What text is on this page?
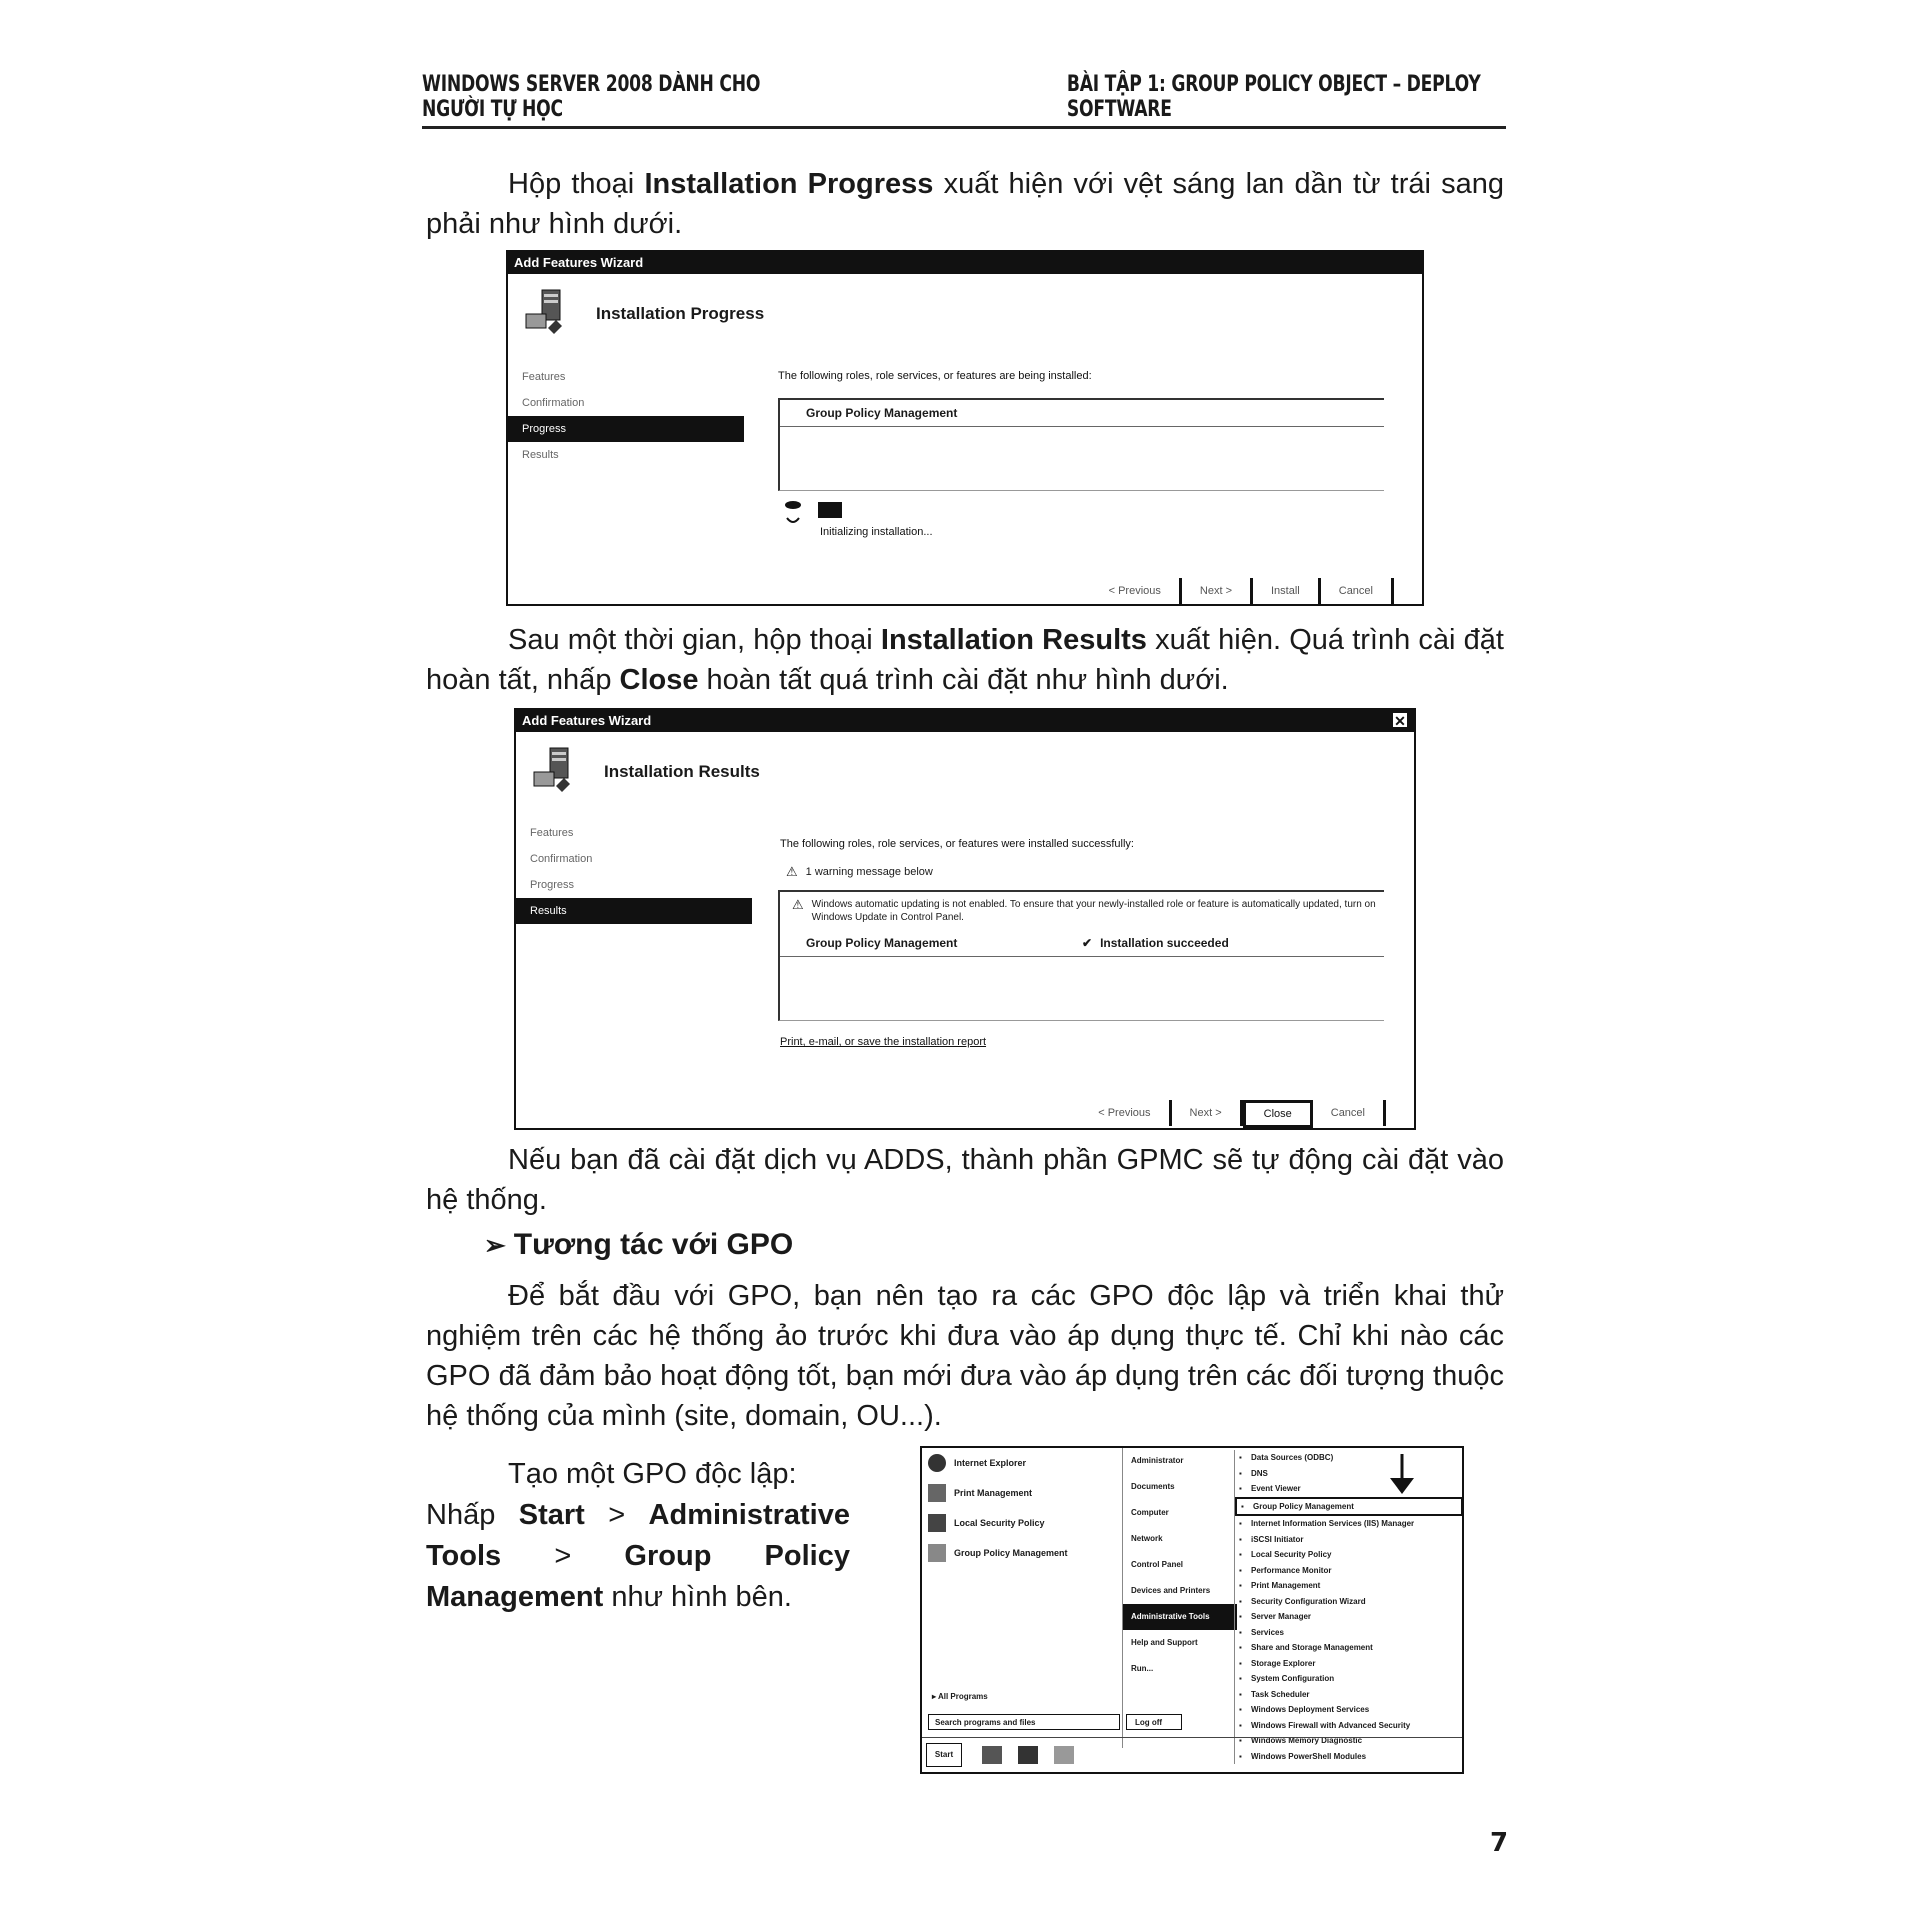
WINDOWS SERVER 2008 DÀNH CHO NGƯỜI TỰ HỌC
BÀI TẬP 1: GROUP POLICY OBJECT – DEPLOY SOFTWARE
Hộp thoại Installation Progress xuất hiện với vệt sáng lan dần từ trái sang phải như hình dưới.
Add Features Wizard
Installation Progress
Features
Confirmation
Progress
Results
The following roles, role services, or features are being installed:
Group Policy Management
Initializing installation...
< Previous	Next >	Install	Cancel
Sau một thời gian, hộp thoại Installation Results xuất hiện. Quá trình cài đặt hoàn tất, nhấp Close hoàn tất quá trình cài đặt như hình dưới.
Add Features Wizard	✕
Installation Results
Features
Confirmation
Progress
Results
The following roles, role services, or features were installed successfully:
⚠ 1 warning message below
⚠ Windows automatic updating is not enabled. To ensure that your newly-installed role or feature is automatically updated, turn on Windows Update in Control Panel.
Group Policy Management	✔ Installation succeeded
Print, e-mail, or save the installation report
< Previous	Next >	Close	Cancel
Nếu bạn đã cài đặt dịch vụ ADDS, thành phần GPMC sẽ tự động cài đặt vào hệ thống.
➢ Tương tác với GPO
Để bắt đầu với GPO, bạn nên tạo ra các GPO độc lập và triển khai thử nghiệm trên các hệ thống ảo trước khi đưa vào áp dụng thực tế. Chỉ khi nào các GPO đã đảm bảo hoạt động tốt, bạn mới đưa vào áp dụng trên các đối tượng thuộc hệ thống của mình (site, domain, OU...).
Tạo một GPO độc lập:
Nhấp Start > Administrative Tools > Group Policy Management như hình bên.
Internet Explorer
Print Management
Local Security Policy
Group Policy Management
▸ All Programs
Search programs and files	Log off
Administrator
Documents
Computer
Network
Control Panel
Devices and Printers
Administrative Tools
Help and Support
Run...
▪ Data Sources (ODBC)
▪ DNS
▪ Event Viewer
▪ Group Policy Management
▪ Internet Information Services (IIS) Manager
▪ iSCSI Initiator
▪ Local Security Policy
▪ Performance Monitor
▪ Print Management
▪ Security Configuration Wizard
▪ Server Manager
▪ Services
▪ Share and Storage Management
▪ Storage Explorer
▪ System Configuration
▪ Task Scheduler
▪ Windows Deployment Services
▪ Windows Firewall with Advanced Security
▪ Windows Memory Diagnostic
▪ Windows PowerShell Modules
Start
7
